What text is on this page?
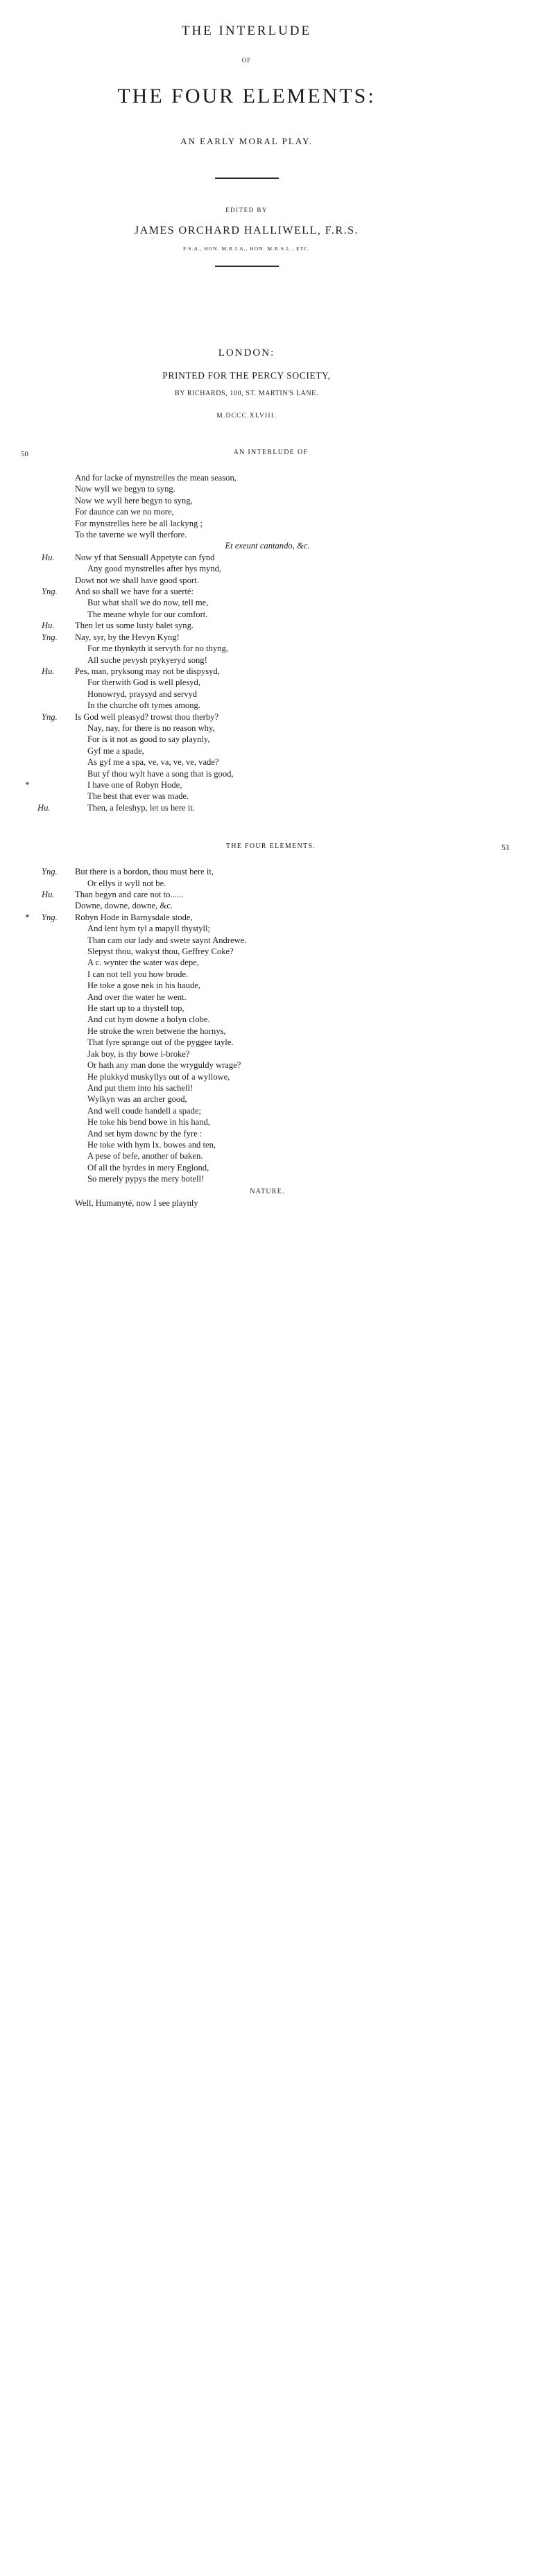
THE INTERLUDE
OF
THE FOUR ELEMENTS:
AN EARLY MORAL PLAY.
EDITED BY
JAMES ORCHARD HALLIWELL, F.R.S.
F.S.A., HON. M.R.I.A., HON. M.R.S.L., ETC.
LONDON:
PRINTED FOR THE PERCY SOCIETY,
BY RICHARDS, 100, ST. MARTIN'S LANE.
M.DCCC.XLVIII.
50	AN INTERLUDE OF
And for lacke of mynstrelles the mean season,
Now wyll we begyn to syng.
Now we wyll here begyn to syng,
For daunce can we no more,
For mynstrelles here be all lackyng ;
To the taverne we wyll therfore.
Et exeunt cantando, &c.
Hu. Now yf that Sensuall Appetyte can fynd
Any good mynstrelles after hys mynd,
Dowt not we shall have good sport.
Yng. And so shall we have for a suerté:
But what shall we do now, tell me,
The meane whyle for our comfort.
Hu. Then let us some lusty balet syng.
Yng. Nay, syr, by the Hevyn Kyng!
For me thynkyth it servyth for no thyng,
All suche pevysh prykyeryd song!
Hu. Pes, man, pryksong may not be dispysyd,
For therwith God is well plesyd,
Honowryd, praysyd and servyd
In the churche oft tymes among.
Yng. Is God well pleasyd? trowst thou therby?
Nay, nay, for there is no reason why,
For is it not as good to say playnly,
Gyf me a spade,
As gyf me a spa, ve, va, ve, ve, vade?
But yf thou wylt have a song that is good,
*	I have one of Robyn Hode,
The best that ever was made.
Hu.	Then, a feleshyp, let us here it.
THE FOUR ELEMENTS.	51
Yng. But there is a bordon, thou must bere it,
Or ellys it wyll not be.
Hu. Than begyn and care not to......
Downe, downe, downe, &c.
* Yng. Robyn Hode in Barnysdale stode,
And lent hym tyl a mapyll thystyll;
Than cam our lady and swete saynt Andrewe.
Slepyst thou, wakyst thou, Geffrey Coke?
A c. wynter the water was depe,
I can not tell you how brode.
He toke a gose nek in his haude,
And over the water he went.
He start up to a thystell top,
And cut hym downe a holyn clobe.
He stroke the wren betwene the hornys,
That fyre sprange out of the pyggee tayle.
Jak boy, is thy bowe i-broke?
Or hath any man done the wryguldy wrage?
He plukkyd muskyllys out of a wyllowe,
And put them into his sachell!
Wylkyn was an archer good,
And well coude handell a spade;
He toke his bend bowe in his hand,
And set hym downc by the fyre :
He toke with hym lx. bowes and ten,
A pese of befe, another of baken.
Of all the byrdes in mery Englond,
So merely pypys the mery botell!
NATURE.
Well, Humanyté, now I see playnly
